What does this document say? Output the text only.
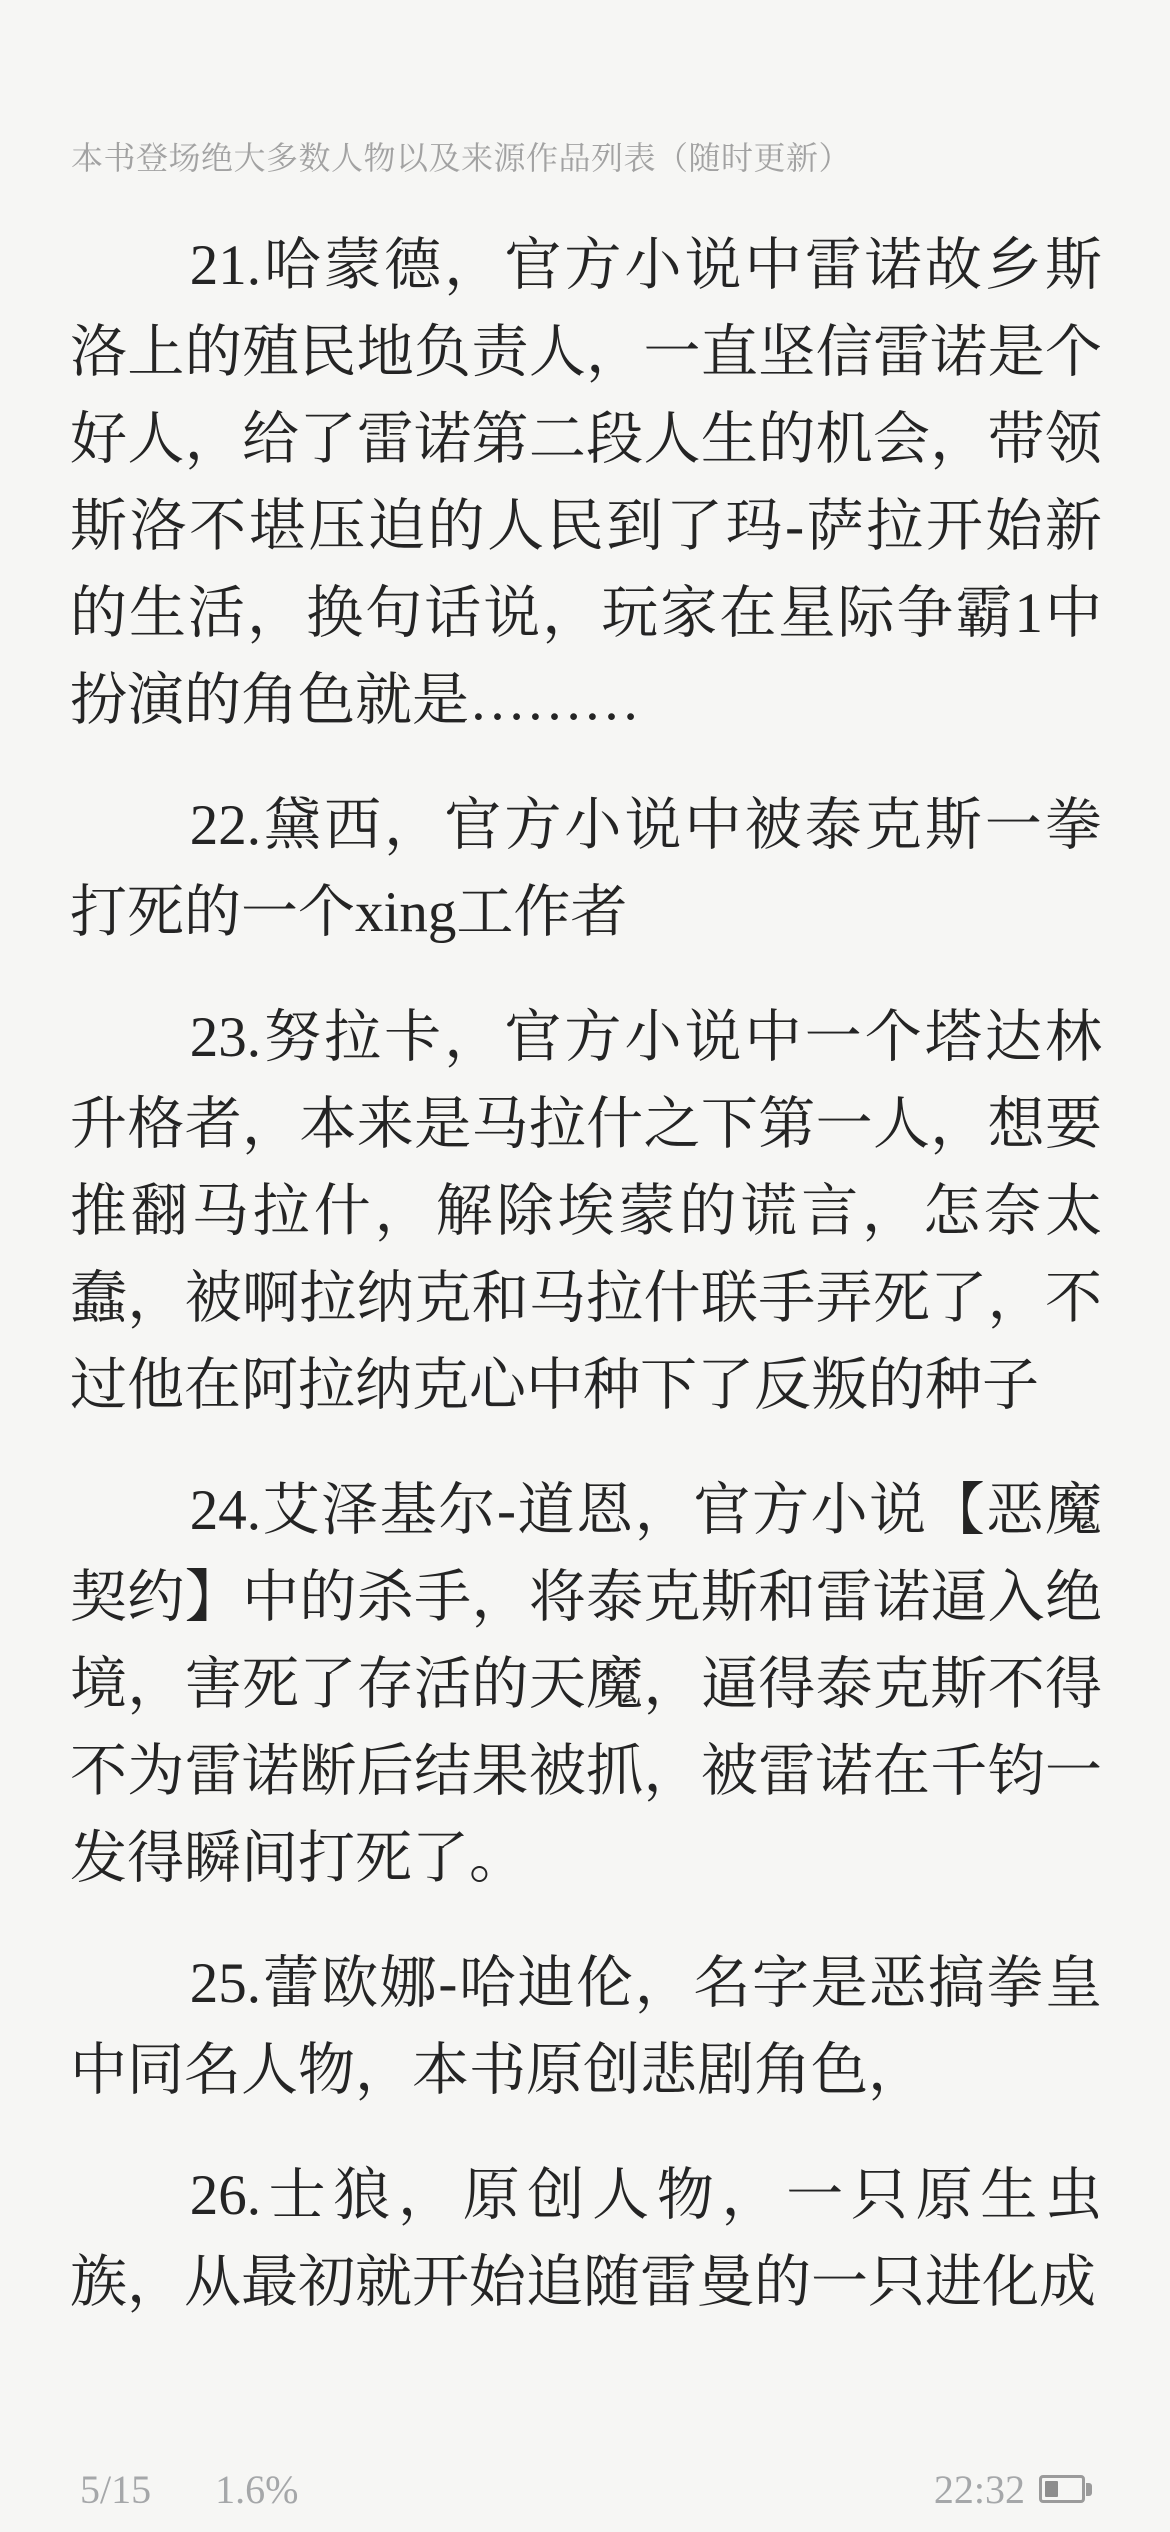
本书登场绝大多数人物以及来源作品列表（随时更新）

21.哈蒙德，官方小说中雷诺故乡斯洛上的殖民地负责人，一直坚信雷诺是个好人，给了雷诺第二段人生的机会，带领斯洛不堪压迫的人民到了玛-萨拉开始新的生活，换句话说，玩家在星际争霸1中扮演的角色就是………

22.黛西，官方小说中被泰克斯一拳打死的一个xing工作者

23.努拉卡，官方小说中一个塔达林升格者，本来是马拉什之下第一人，想要推翻马拉什，解除埃蒙的谎言，怎奈太蠢，被啊拉纳克和马拉什联手弄死了，不过他在阿拉纳克心中种下了反叛的种子

24.艾泽基尔-道恩，官方小说【恶魔契约】中的杀手，将泰克斯和雷诺逼入绝境，害死了存活的天魔，逼得泰克斯不得不为雷诺断后结果被抓，被雷诺在千钧一发得瞬间打死了。

25.蕾欧娜-哈迪伦，名字是恶搞拳皇中同名人物，本书原创悲剧角色，

26.士狼，原创人物，一只原生虫族，从最初就开始追随雷曼的一只进化成

5/15 1.6%	22:32
